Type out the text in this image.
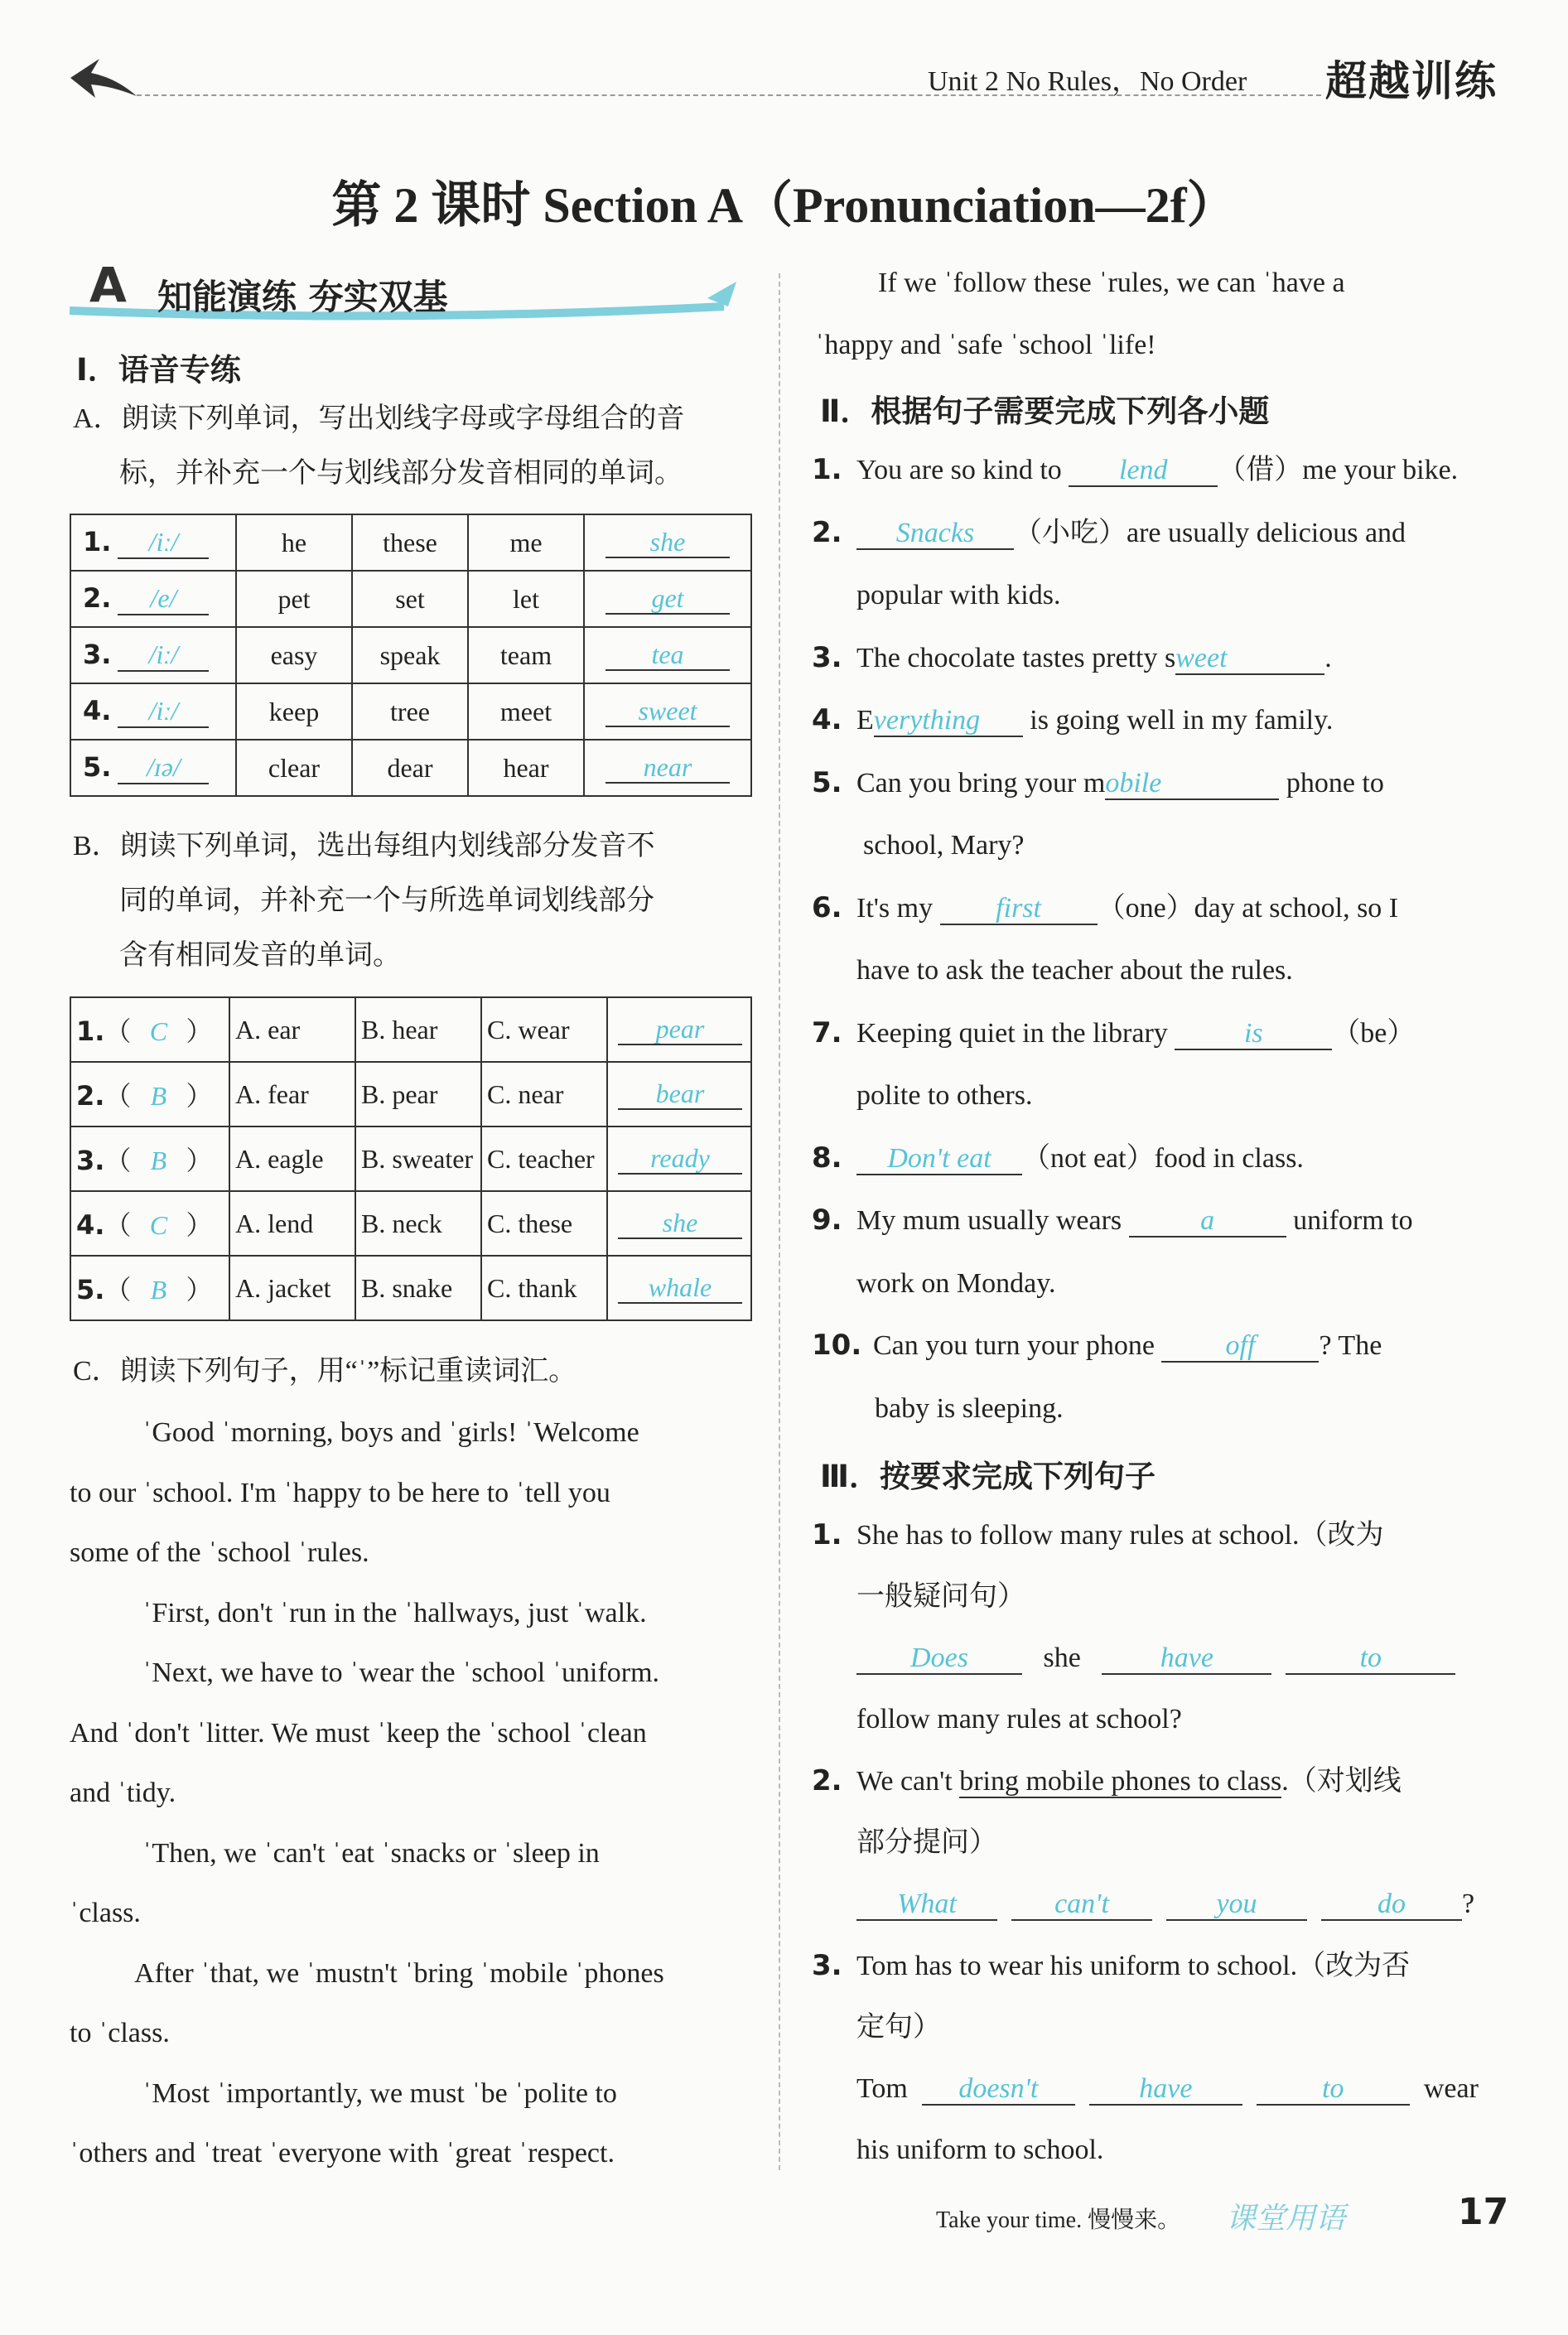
Unit 2 No Rules，No Order 超越训练
第 2 课时 Section A（Pronunciation—2f）
A 知能演练 夯实双基
Ⅰ．语音专练
A．朗读下列单词，写出划线字母或字母组合的音
标，并补充一个与划线部分发音相同的单词。
1. /iː/	he	these	me	she
2. /e/	pet	set	let	get
3. /iː/	easy	speak	team	tea
4. /iː/	keep	tree	meet	sweet
5. /ɪə/	clear	dear	hear	near
B．朗读下列单词，选出每组内划线部分发音不
同的单词，并补充一个与所选单词划线部分
含有相同发音的单词。
1.（ C ）	A. ear	B. hear	C. wear	pear
2.（ B ）	A. fear	B. pear	C. near	bear
3.（ B ）	A. eagle	B. sweater	C. teacher	ready
4.（ C ）	A. lend	B. neck	C. these	she
5.（ B ）	A. jacket	B. snake	C. thank	whale
C．朗读下列句子，用“ˈ”标记重读词汇。
ˈGood ˈmorning, boys and ˈgirls! ˈWelcome
to our ˈschool. I'm ˈhappy to be here to ˈtell you
some of the ˈschool ˈrules.
ˈFirst, don't ˈrun in the ˈhallways, just ˈwalk.
ˈNext, we have to ˈwear the ˈschool ˈuniform.
And ˈdon't ˈlitter. We must ˈkeep the ˈschool ˈclean
and ˈtidy.
ˈThen, we ˈcan't ˈeat ˈsnacks or ˈsleep in
ˈclass.
After ˈthat, we ˈmustn't ˈbring ˈmobile ˈphones
to ˈclass.
ˈMost ˈimportantly, we must ˈbe ˈpolite to
ˈothers and ˈtreat ˈeveryone with ˈgreat ˈrespect.
If we ˈfollow these ˈrules, we can ˈhave a
ˈhappy and ˈsafe ˈschool ˈlife!
Ⅱ．根据句子需要完成下列各小题
1. You are so kind to lend （借）me your bike.
2. Snacks （小吃）are usually delicious and
popular with kids.
3. The chocolate tastes pretty sweet	.
4. Everything is going well in my family.
5. Can you bring your mobile	phone to
school, Mary?
6. It's my first （one）day at school, so I
have to ask the teacher about the rules.
7. Keeping quiet in the library	is （be）
polite to others.
8. Don't eat （not eat）food in class.
9. My mum usually wears	a	uniform to
work on Monday.
10. Can you turn your phone	off ? The
baby is sleeping.
Ⅲ．按要求完成下列句子
1. She has to follow many rules at school.（改为
一般疑问句）
Does	she	have	to
follow many rules at school?
2. We can't bring mobile phones to class.（对划线
部分提问）
What	can't	you	do ?
3. Tom has to wear his uniform to school.（改为否
定句）
Tom doesn't	have	to	wear
his uniform to school.
Take your time. 慢慢来。 课堂用语	17
